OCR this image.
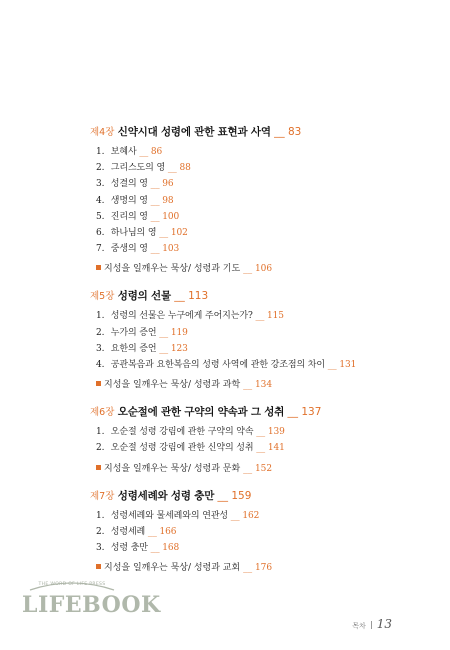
제4장 신약시대 성령에 관한 표현과 사역 __ 83
1. 보혜사 __ 86
2. 그리스도의 영 __ 88
3. 성결의 영 __ 96
4. 생명의 영 __ 98
5. 진리의 영 __ 100
6. 하나님의 영 __ 102
7. 중생의 영 __ 103
지성을 일깨우는 묵상/ 성령과 기도 __ 106
제5장 성령의 선물 __ 113
1. 성령의 선물은 누구에게 주어지는가? __ 115
2. 누가의 증언 __ 119
3. 요한의 증언 __ 123
4. 공관복음과 요한복음의 성령 사역에 관한 강조점의 차이 __ 131
지성을 일깨우는 묵상/ 성령과 과학 __ 134
제6장 오순절에 관한 구약의 약속과 그 성취 __ 137
1. 오순절 성령 강림에 관한 구약의 약속 __ 139
2. 오순절 성령 강림에 관한 신약의 성취 __ 141
지성을 일깨우는 묵상/ 성령과 문화 __ 152
제7장 성령세례와 성령 충만 __ 159
1. 성령세례와 물세례와의 연관성 __ 162
2. 성령세례 __ 166
3. 성령 충만 __ 168
지성을 일깨우는 묵상/ 성령과 교회 __ 176
THE WORD OF LIFE PRESS
LIFEBOOK
목차 13
